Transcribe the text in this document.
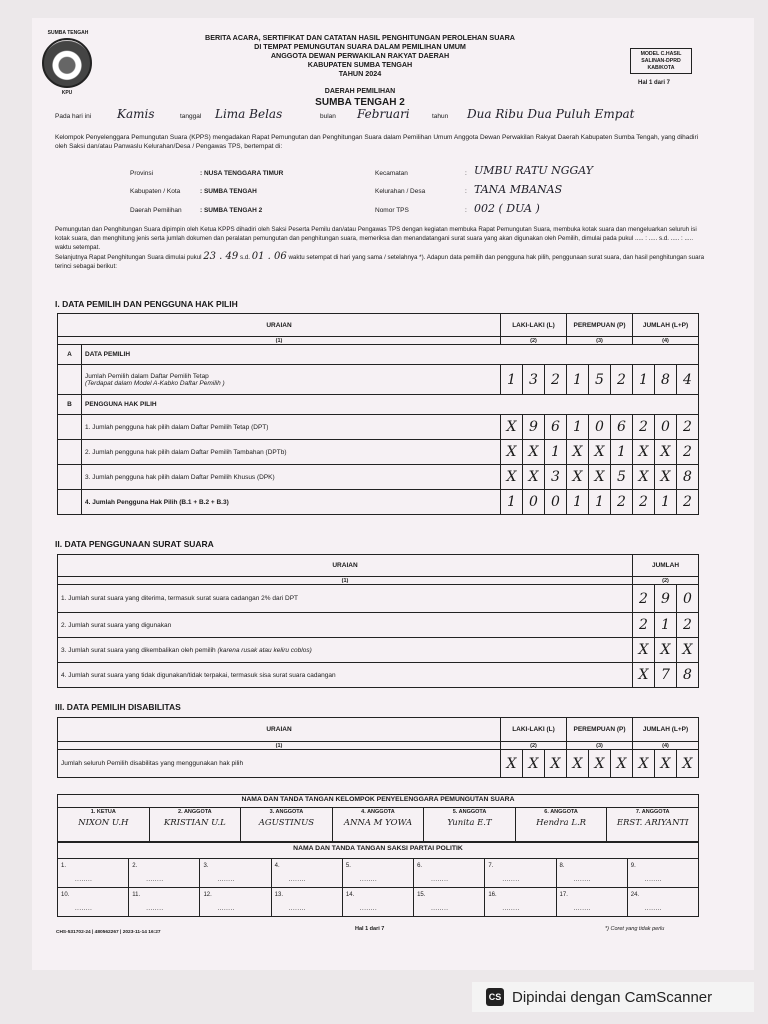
SUMBA TENGAH
KPU
BERITA ACARA, SERTIFIKAT DAN CATATAN HASIL PENGHITUNGAN PEROLEHAN SUARA
DI TEMPAT PEMUNGUTAN SUARA DALAM PEMILIHAN UMUM
ANGGOTA DEWAN PERWAKILAN RAKYAT DAERAH
KABUPATEN SUMBA TENGAH
TAHUN 2024
MODEL C.HASIL
SALINAN-DPRD
KAB/KOTA
Hal 1 dari 7
DAERAH PEMILIHAN
SUMBA TENGAH 2
Pada hari ini Kamis	tanggal Lima Belas	bulan Februari	tahun Dua Ribu Dua Puluh Empat
Kelompok Penyelenggara Pemungutan Suara (KPPS) mengadakan Rapat Pemungutan dan Penghitungan Suara dalam Pemilihan Umum Anggota Dewan Perwakilan Rakyat Daerah Kabupaten Sumba Tengah, yang dihadiri oleh Saksi dan/atau Panwaslu Kelurahan/Desa / Pengawas TPS, bertempat di:
Provinsi	: NUSA TENGGARA TIMUR
Kabupaten / Kota	: SUMBA TENGAH
Daerah Pemilihan	: SUMBA TENGAH 2
Kecamatan	: UMBU RATU NGGAY
Kelurahan / Desa	: TANA MBANAS
Nomor TPS	: 002 ( DUA )
Pemungutan dan Penghitungan Suara dipimpin oleh Ketua KPPS dihadiri oleh Saksi Peserta Pemilu dan/atau Pengawas TPS dengan kegiatan membuka Rapat Pemungutan Suara, membuka kotak suara dan mengeluarkan seluruh isi kotak suara, dan menghitung jenis serta jumlah dokumen dan peralatan pemungutan dan penghitungan suara, memeriksa dan menandatangani surat suara yang akan digunakan oleh Pemilih, dimulai pada pukul ..... : ..... s.d. ..... : ..... waktu setempat.
Selanjutnya Rapat Penghitungan Suara dimulai pukul 23 . 49 s.d. 01 . 06 waktu setempat di hari yang sama / setelahnya *). Adapun data pemilih dan pengguna hak pilih, penggunaan surat suara, dan hasil penghitungan suara terinci sebagai berikut:
I. DATA PEMILIH DAN PENGGUNA HAK PILIH
URAIAN		LAKI-LAKI (L)			PEREMPUAN (P)			JUMLAH (L+P)		
(1)		(2)			(3)			(4)		
A	DATA PEMILIH									

	Jumlah Pemilih dalam Daftar Pemilih Tetap
(Terdapat dalam Model A-Kabko Daftar Pemilih )	1	3	2	1	5	2	1	8	4
B	PENGGUNA HAK PILIH									
	1. Jumlah pengguna hak pilih dalam Daftar Pemilih Tetap (DPT)	X	9	6	1	0	6	2	0	2
	2. Jumlah pengguna hak pilih dalam Daftar Pemilih Tambahan (DPTb)	X	X	1	X	X	1	X	X	2
	3. Jumlah pengguna hak pilih dalam Daftar Pemilih Khusus (DPK)	X	X	3	X	X	5	X	X	8
	4. Jumlah Pengguna Hak Pilih (B.1 + B.2 + B.3)	1	0	0	1	1	2	2	1	2
II. DATA PENGGUNAAN SURAT SUARA
URAIAN	JUMLAH		
(1)	(2)		
1. Jumlah surat suara yang diterima, termasuk surat suara cadangan 2% dari DPT	2	9	0
2. Jumlah surat suara yang digunakan	2	1	2
3. Jumlah surat suara yang dikembalikan oleh pemilih (karena rusak atau keliru coblos)	X	X	X
4. Jumlah surat suara yang tidak digunakan/tidak terpakai, termasuk sisa surat suara cadangan	X	7	8
III. DATA PEMILIH DISABILITAS
URAIAN	LAKI-LAKI (L)			PEREMPUAN (P)			JUMLAH (L+P)		
(1)	(2)			(3)			(4)		
Jumlah seluruh Pemilih disabilitas yang menggunakan hak pilih	X	X	X	X	X	X	X	X	X
NAMA DAN TANDA TANGAN KELOMPOK PENYELENGGARA PEMUNGUTAN SUARA
1. KETUA
NIXON U.H
	2. ANGGOTA
KRISTIAN U.L
	3. ANGGOTA
AGUSTINUS
	4. ANGGOTA
ANNA M YOWA
	5. ANGGOTA
Yunita E.T
	6. ANGGOTA
Hendra L.R
	7. ANGGOTA
ERST. ARIYANTI
NAMA DAN TANDA TANGAN SAKSI PARTAI POLITIK								
1.
........	2.
........	3.
........	4.
........	5.
........	6.
........	7.
........	8.
........	9.
........

10.
........	11.
........	12.
........	13.
........	14.
........	15.
........	16.
........	17.
........	24.
........
CHS-531702-24 | 480562267 | 2023-11-14 16:27
Hal 1 dari 7	*) Coret yang tidak perlu
CS Dipindai dengan CamScanner
